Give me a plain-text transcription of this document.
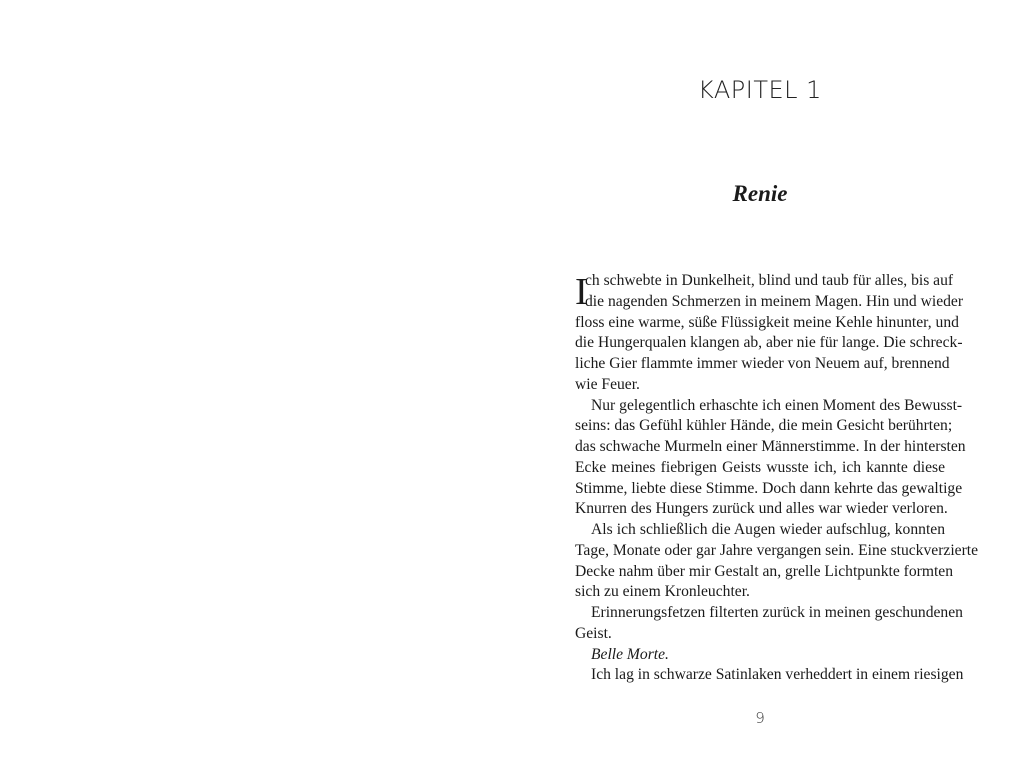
KAPITEL 1
Renie
I
ch schwebte in Dunkelheit, blind und taub für alles, bis auf
die nagenden Schmerzen in meinem Magen. Hin und wieder
floss eine warme, süße Flüssigkeit meine Kehle hinunter, und
die Hungerqualen klangen ab, aber nie für lange. Die schreck-
liche Gier flammte immer wieder von Neuem auf, brennend
wie Feuer.
Nur gelegentlich erhaschte ich einen Moment des Bewusst-
seins: das Gefühl kühler Hände, die mein Gesicht berührten;
das schwache Murmeln einer Männerstimme. In der hintersten
Ecke meines fiebrigen Geists wusste ich, ich kannte diese
Stimme, liebte diese Stimme. Doch dann kehrte das gewaltige
Knurren des Hungers zurück und alles war wieder verloren.
Als ich schließlich die Augen wieder aufschlug, konnten
Tage, Monate oder gar Jahre vergangen sein. Eine stuckverzierte
Decke nahm über mir Gestalt an, grelle Lichtpunkte formten
sich zu einem Kronleuchter.
Erinnerungsfetzen filterten zurück in meinen geschundenen
Geist.
Belle Morte.
Ich lag in schwarze Satinlaken verheddert in einem riesigen
9
